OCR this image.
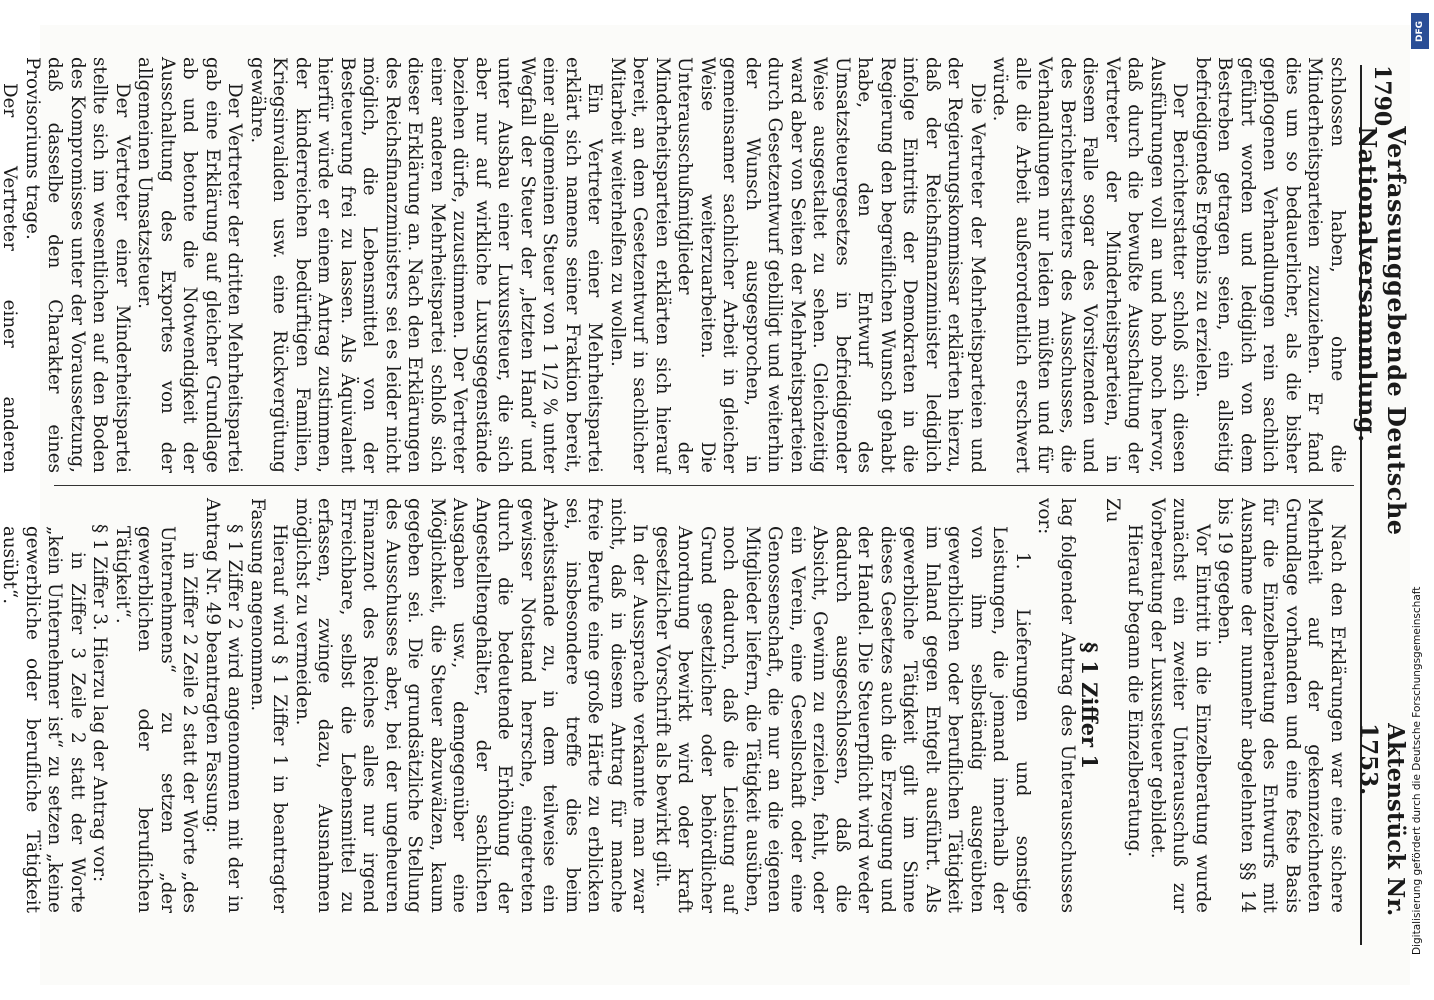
1790
Verfassunggebende Deutsche Nationalversammlung.
Aktenstück Nr. 1753.

schlossen haben, ohne die Minderheitsparteien zuzuziehen. Er fand dies um so bedauerlicher, als die bisher gepflogenen Verhandlungen rein sachlich geführt worden und lediglich von dem Bestreben getragen seien, ein allseitig befriedigendes Ergebnis zu erzielen.

Der Berichterstatter schloß sich diesen Ausführungen voll an und hob noch hervor, daß durch die bewußte Ausschaltung der Vertreter der Minderheitsparteien, in diesem Falle sogar des Vorsitzenden und des Berichterstatters des Ausschusses, die Verhandlungen nur leiden müßten und für alle die Arbeit außerordentlich erschwert würde.

Die Vertreter der Mehrheitsparteien und der Regierungskommissar erklärten hierzu, daß der Reichsfinanzminister lediglich infolge Eintritts der Demokraten in die Regierung den begreiflichen Wunsch gehabt habe, den Entwurf des Umsatzsteuergesetzes in befriedigender Weise ausgestaltet zu sehen. Gleichzeitig ward aber von Seiten der Mehrheitsparteien durch Gesetzentwurf gebilligt und weiterhin der Wunsch ausgesprochen, in gemeinsamer sachlicher Arbeit in gleicher Weise weiterzuarbeiten. Die Unterausschußmitglieder der Minderheitsparteien erklärten sich hierauf bereit, an dem Gesetzentwurf in sachlicher Mitarbeit weiterhelfen zu wollen.

Ein Vertreter einer Mehrheitspartei erklärt sich namens seiner Fraktion bereit, einer allgemeinen Steuer von 1 1/2 % unter Wegfall der Steuer der „letzten Hand“ und unter Ausbau einer Luxussteuer, die sich aber nur auf wirkliche Luxusgegenstände beziehen dürfe, zuzustimmen. Der Vertreter einer anderen Mehrheitspartei schloß sich dieser Erklärung an. Nach den Erklärungen des Reichsfinanzministers sei es leider nicht möglich, die Lebensmittel von der Besteuerung frei zu lassen. Als Äquivalent hierfür würde er einem Antrag zustimmen, der kinderreichen bedürftigen Familien, Kriegsinvaliden usw. eine Rückvergütung gewähre.

Der Vertreter der dritten Mehrheitspartei gab eine Erklärung auf gleicher Grundlage ab und betonte die Notwendigkeit der Ausschaltung des Exportes von der allgemeinen Umsatzsteuer.

Der Vertreter einer Minderheitspartei stellte sich im wesentlichen auf den Boden des Kompromisses unter der Voraussetzung, daß dasselbe den Charakter eines Provisoriums trage.

Der Vertreter einer anderen

Nach den Erklärungen war eine sichere Mehrheit auf der gekennzeichneten Grundlage vorhanden und eine feste Basis für die Einzelberatung des Entwurfs mit Ausnahme der nunmehr abgelehnten §§ 14 bis 19 gegeben.

Vor Eintritt in die Einzelberatung wurde zunächst ein zweiter Unterausschuß zur Vorberatung der Luxussteuer gebildet.

Hierauf begann die Einzelberatung.

Zu

§ 1 Ziffer 1

lag folgender Antrag des Unterausschusses vor:

1. Lieferungen und sonstige Leistungen, die jemand innerhalb der von ihm selbständig ausgeübten gewerblichen oder beruflichen Tätigkeit im Inland gegen Entgelt ausführt. Als gewerbliche Tätigkeit gilt im Sinne dieses Gesetzes auch die Erzeugung und der Handel. Die Steuerpflicht wird weder dadurch ausgeschlossen, daß die Absicht, Gewinn zu erzielen, fehlt, oder ein Verein, eine Gesellschaft oder eine Genossenschaft, die nur an die eigenen Mitglieder liefern, die Tätigkeit ausüben, noch dadurch, daß die Leistung auf Grund gesetzlicher oder behördlicher Anordnung bewirkt wird oder kraft gesetzlicher Vorschrift als bewirkt gilt.

In der Aussprache verkannte man zwar nicht, daß in diesem Antrag für manche freie Berufe eine große Härte zu erblicken sei, insbesondere treffe dies beim Arbeitsstande zu, in dem teilweise ein gewisser Notstand herrsche, eingetreten durch die bedeutende Erhöhung der Angestelltengehälter, der sachlichen Ausgaben usw., demgegenüber eine Möglichkeit, die Steuer abzuwälzen, kaum gegeben sei. Die grundsätzliche Stellung des Ausschusses aber, bei der ungeheuren Finanznot des Reiches alles nur irgend Erreichbare, selbst die Lebensmittel zu erfassen, zwinge dazu, Ausnahmen möglichst zu vermeiden.

Hierauf wird § 1 Ziffer 1 in beantragter Fassung angenommen.

§ 1 Ziffer 2 wird angenommen mit der in Antrag Nr. 49 beantragten Fassung:

in Ziffer 2 Zeile 2 statt der Worte „des Unternehmens“ zu setzen „der gewerblichen oder beruflichen Tätigkeit“.

§ 1 Ziffer 3. Hierzu lag der Antrag vor:

in Ziffer 3 Zeile 2 statt der Worte „kein Unternehmer ist“ zu setzen „keine gewerbliche oder berufliche Tätigkeit ausübt“.

DFG
Digitalisierung gefördert durch die Deutsche Forschungsgemeinschaft
